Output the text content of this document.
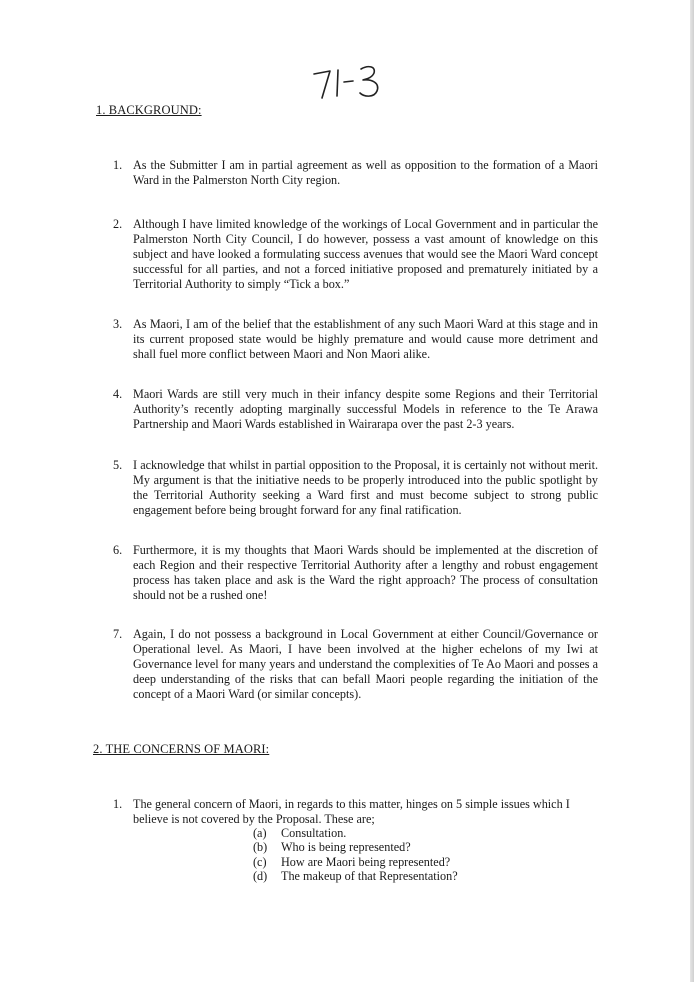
1. BACKGROUND:
1. As the Submitter I am in partial agreement as well as opposition to the formation of a Maori Ward in the Palmerston North City region.
2. Although I have limited knowledge of the workings of Local Government and in particular the Palmerston North City Council, I do however, possess a vast amount of knowledge on this subject and have looked a formulating success avenues that would see the Maori Ward concept successful for all parties, and not a forced initiative proposed and prematurely initiated by a Territorial Authority to simply “Tick a box.”
3. As Maori, I am of the belief that the establishment of any such Maori Ward at this stage and in its current proposed state would be highly premature and would cause more detriment and shall fuel more conflict between Maori and Non Maori alike.
4. Maori Wards are still very much in their infancy despite some Regions and their Territorial Authority’s recently adopting marginally successful Models in reference to the Te Arawa Partnership and Maori Wards established in Wairarapa over the past 2-3 years.
5. I acknowledge that whilst in partial opposition to the Proposal, it is certainly not without merit. My argument is that the initiative needs to be properly introduced into the public spotlight by the Territorial Authority seeking a Ward first and must become subject to strong public engagement before being brought forward for any final ratification.
6. Furthermore, it is my thoughts that Maori Wards should be implemented at the discretion of each Region and their respective Territorial Authority after a lengthy and robust engagement process has taken place and ask is the Ward the right approach? The process of consultation should not be a rushed one!
7. Again, I do not possess a background in Local Government at either Council/Governance or Operational level. As Maori, I have been involved at the higher echelons of my Iwi at Governance level for many years and understand the complexities of Te Ao Maori and posses a deep understanding of the risks that can befall Maori people regarding the initiation of the concept of a Maori Ward (or similar concepts).
2. THE CONCERNS OF MAORI:
1. The general concern of Maori, in regards to this matter, hinges on 5 simple issues which I believe is not covered by the Proposal. These are;
(a) Consultation.
(b) Who is being represented?
(c) How are Maori being represented?
(d) The makeup of that Representation?
